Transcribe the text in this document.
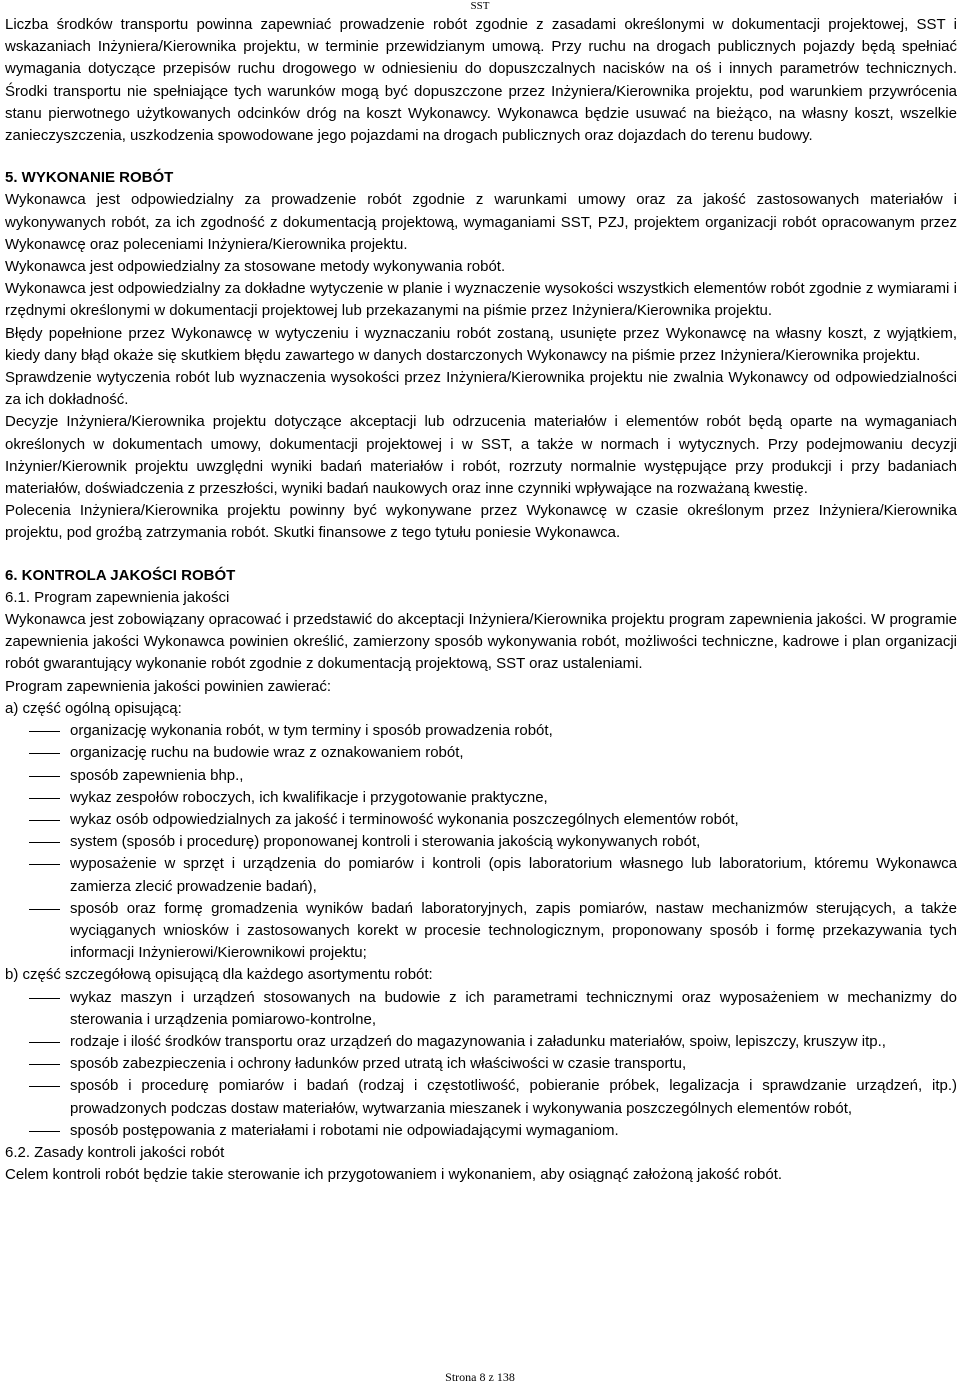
SST

Liczba środków transportu powinna zapewniać prowadzenie robót zgodnie z zasadami określonymi w dokumentacji projektowej, SST i wskazaniach Inżyniera/Kierownika projektu, w terminie przewidzianym umową. Przy ruchu na drogach publicznych pojazdy będą spełniać wymagania dotyczące przepisów ruchu drogowego w odniesieniu do dopuszczalnych nacisków na oś i innych parametrów technicznych. Środki transportu nie spełniające tych warunków mogą być dopuszczone przez Inżyniera/Kierownika projektu, pod warunkiem przywrócenia stanu pierwotnego użytkowanych odcinków dróg na koszt Wykonawcy. Wykonawca będzie usuwać na bieżąco, na własny koszt, wszelkie zanieczyszczenia, uszkodzenia spowodowane jego pojazdami na drogach publicznych oraz dojazdach do terenu budowy.

5. WYKONANIE ROBÓT

Wykonawca jest odpowiedzialny za prowadzenie robót zgodnie z warunkami umowy oraz za jakość zastosowanych materiałów i wykonywanych robót, za ich zgodność z dokumentacją projektową, wymaganiami SST, PZJ, projektem organizacji robót opracowanym przez Wykonawcę oraz poleceniami Inżyniera/Kierownika projektu.

Wykonawca jest odpowiedzialny za stosowane metody wykonywania robót.

Wykonawca jest odpowiedzialny za dokładne wytyczenie w planie i wyznaczenie wysokości wszystkich elementów robót zgodnie z wymiarami i rzędnymi określonymi w dokumentacji projektowej lub przekazanymi na piśmie przez Inżyniera/Kierownika projektu.

Błędy popełnione przez Wykonawcę w wytyczeniu i wyznaczaniu robót zostaną, usunięte przez Wykonawcę na własny koszt, z wyjątkiem, kiedy dany błąd okaże się skutkiem błędu zawartego w danych dostarczonych Wykonawcy na piśmie przez Inżyniera/Kierownika projektu.

Sprawdzenie wytyczenia robót lub wyznaczenia wysokości przez Inżyniera/Kierownika projektu nie zwalnia Wykonawcy od odpowiedzialności za ich dokładność.

Decyzje Inżyniera/Kierownika projektu dotyczące akceptacji lub odrzucenia materiałów i elementów robót będą oparte na wymaganiach określonych w dokumentach umowy, dokumentacji projektowej i w SST, a także w normach i wytycznych. Przy podejmowaniu decyzji Inżynier/Kierownik projektu uwzględni wyniki badań materiałów i robót, rozrzuty normalnie występujące przy produkcji i przy badaniach materiałów, doświadczenia z przeszłości, wyniki badań naukowych oraz inne czynniki wpływające na rozważaną kwestię.

Polecenia Inżyniera/Kierownika projektu powinny być wykonywane przez Wykonawcę w czasie określonym przez Inżyniera/Kierownika projektu, pod groźbą zatrzymania robót. Skutki finansowe z tego tytułu poniesie Wykonawca.

6. KONTROLA JAKOŚCI ROBÓT

6.1. Program zapewnienia jakości

Wykonawca jest zobowiązany opracować i przedstawić do akceptacji Inżyniera/Kierownika projektu program zapewnienia jakości. W programie zapewnienia jakości Wykonawca powinien określić, zamierzony sposób wykonywania robót, możliwości techniczne, kadrowe i plan organizacji robót gwarantujący wykonanie robót zgodnie z dokumentacją projektową, SST oraz ustaleniami.

Program zapewnienia jakości powinien zawierać:

a) część ogólną opisującą:

organizację wykonania robót, w tym terminy i sposób prowadzenia robót,
organizację ruchu na budowie wraz z oznakowaniem robót,
sposób zapewnienia bhp.,
wykaz zespołów roboczych, ich kwalifikacje i przygotowanie praktyczne,
wykaz osób odpowiedzialnych za jakość i terminowość wykonania poszczególnych elementów robót,
system (sposób i procedurę) proponowanej kontroli i sterowania jakością wykonywanych robót,
wyposażenie w sprzęt i urządzenia do pomiarów i kontroli (opis laboratorium własnego lub laboratorium, któremu Wykonawca zamierza zlecić prowadzenie badań),
sposób oraz formę gromadzenia wyników badań laboratoryjnych, zapis pomiarów, nastaw mechanizmów sterujących, a także wyciąganych wniosków i zastosowanych korekt w procesie technologicznym, proponowany sposób i formę przekazywania tych informacji Inżynierowi/Kierownikowi projektu;

b) część szczegółową opisującą dla każdego asortymentu robót:

wykaz maszyn i urządzeń stosowanych na budowie z ich parametrami technicznymi oraz wyposażeniem w mechanizmy do sterowania i urządzenia pomiarowo-kontrolne,
rodzaje i ilość środków transportu oraz urządzeń do magazynowania i załadunku materiałów, spoiw, lepiszczy, kruszyw itp.,
sposób zabezpieczenia i ochrony ładunków przed utratą ich właściwości w czasie transportu,
sposób i procedurę pomiarów i badań (rodzaj i częstotliwość, pobieranie próbek, legalizacja i sprawdzanie urządzeń, itp.) prowadzonych podczas dostaw materiałów, wytwarzania mieszanek i wykonywania poszczególnych elementów robót,
sposób postępowania z materiałami i robotami nie odpowiadającymi wymaganiom.

6.2. Zasady kontroli jakości robót

Celem kontroli robót będzie takie sterowanie ich przygotowaniem i wykonaniem, aby osiągnąć założoną jakość robót.

Strona 8 z 138
